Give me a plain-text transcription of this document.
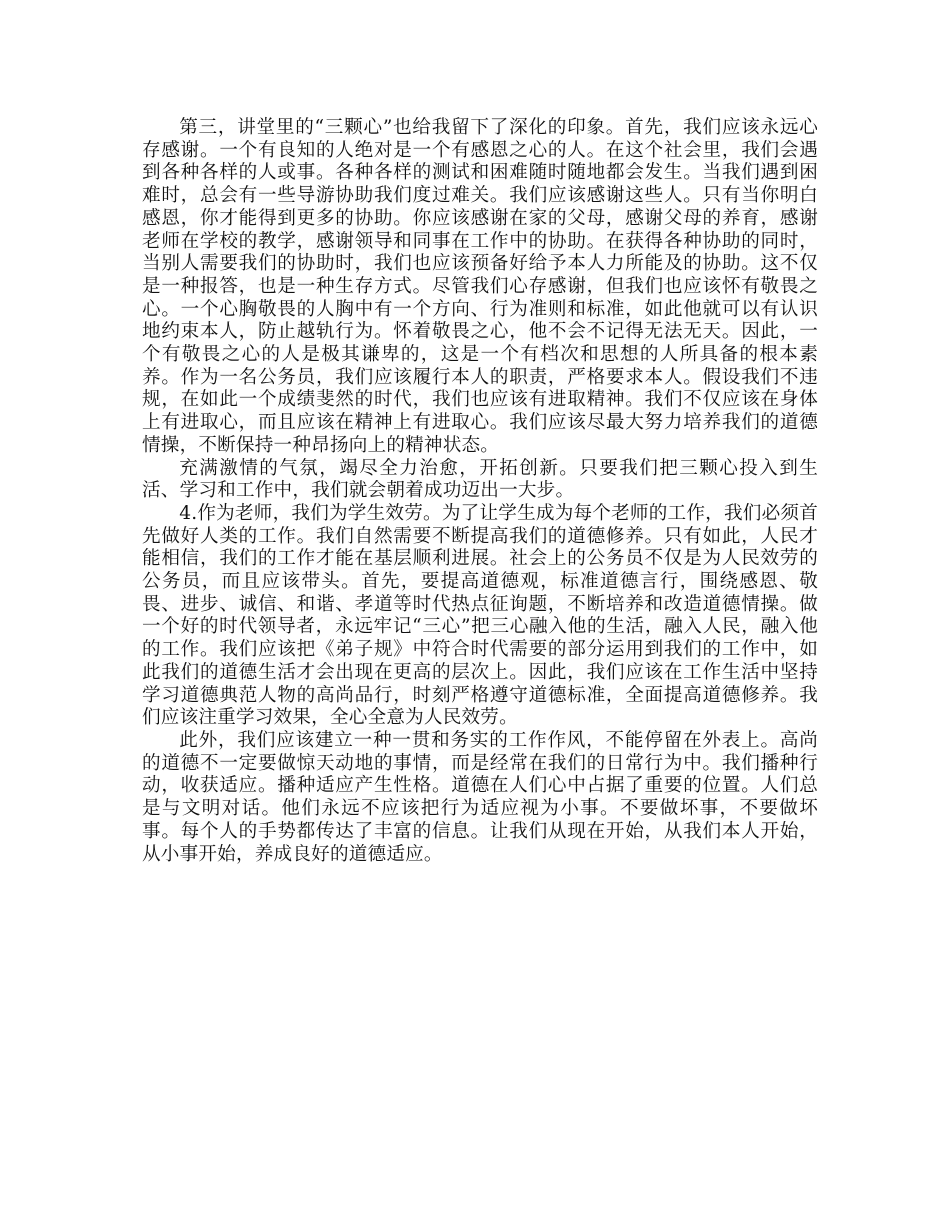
第三，讲堂里的“三颗心”也给我留下了深化的印象。首先，我们应该永远心存感谢。一个有良知的人绝对是一个有感恩之心的人。在这个社会里，我们会遇到各种各样的人或事。各种各样的测试和困难随时随地都会发生。当我们遇到困难时，总会有一些导游协助我们度过难关。我们应该感谢这些人。只有当你明白感恩，你才能得到更多的协助。你应该感谢在家的父母，感谢父母的养育，感谢老师在学校的教学，感谢领导和同事在工作中的协助。在获得各种协助的同时，当别人需要我们的协助时，我们也应该预备好给予本人力所能及的协助。这不仅是一种报答，也是一种生存方式。尽管我们心存感谢，但我们也应该怀有敬畏之心。一个心胸敬畏的人胸中有一个方向、行为准则和标准，如此他就可以有认识地约束本人，防止越轨行为。怀着敬畏之心，他不会不记得无法无天。因此，一个有敬畏之心的人是极其谦卑的，这是一个有档次和思想的人所具备的根本素养。作为一名公务员，我们应该履行本人的职责，严格要求本人。假设我们不违规，在如此一个成绩斐然的时代，我们也应该有进取精神。我们不仅应该在身体上有进取心，而且应该在精神上有进取心。我们应该尽最大努力培养我们的道德情操，不断保持一种昂扬向上的精神状态。

充满激情的气氛，竭尽全力治愈，开拓创新。只要我们把三颗心投入到生活、学习和工作中，我们就会朝着成功迈出一大步。

4.作为老师，我们为学生效劳。为了让学生成为每个老师的工作，我们必须首先做好人类的工作。我们自然需要不断提高我们的道德修养。只有如此，人民才能相信，我们的工作才能在基层顺利进展。社会上的公务员不仅是为人民效劳的公务员，而且应该带头。首先，要提高道德观，标准道德言行，围绕感恩、敬畏、进步、诚信、和谐、孝道等时代热点征询题，不断培养和改造道德情操。做一个好的时代领导者，永远牢记“三心”把三心融入他的生活，融入人民，融入他的工作。我们应该把《弟子规》中符合时代需要的部分运用到我们的工作中，如此我们的道德生活才会出现在更高的层次上。因此，我们应该在工作生活中坚持学习道德典范人物的高尚品行，时刻严格遵守道德标准，全面提高道德修养。我们应该注重学习效果，全心全意为人民效劳。

此外，我们应该建立一种一贯和务实的工作作风，不能停留在外表上。高尚的道德不一定要做惊天动地的事情，而是经常在我们的日常行为中。我们播种行动，收获适应。播种适应产生性格。道德在人们心中占据了重要的位置。人们总是与文明对话。他们永远不应该把行为适应视为小事。不要做坏事，不要做坏事。每个人的手势都传达了丰富的信息。让我们从现在开始，从我们本人开始，从小事开始，养成良好的道德适应。
